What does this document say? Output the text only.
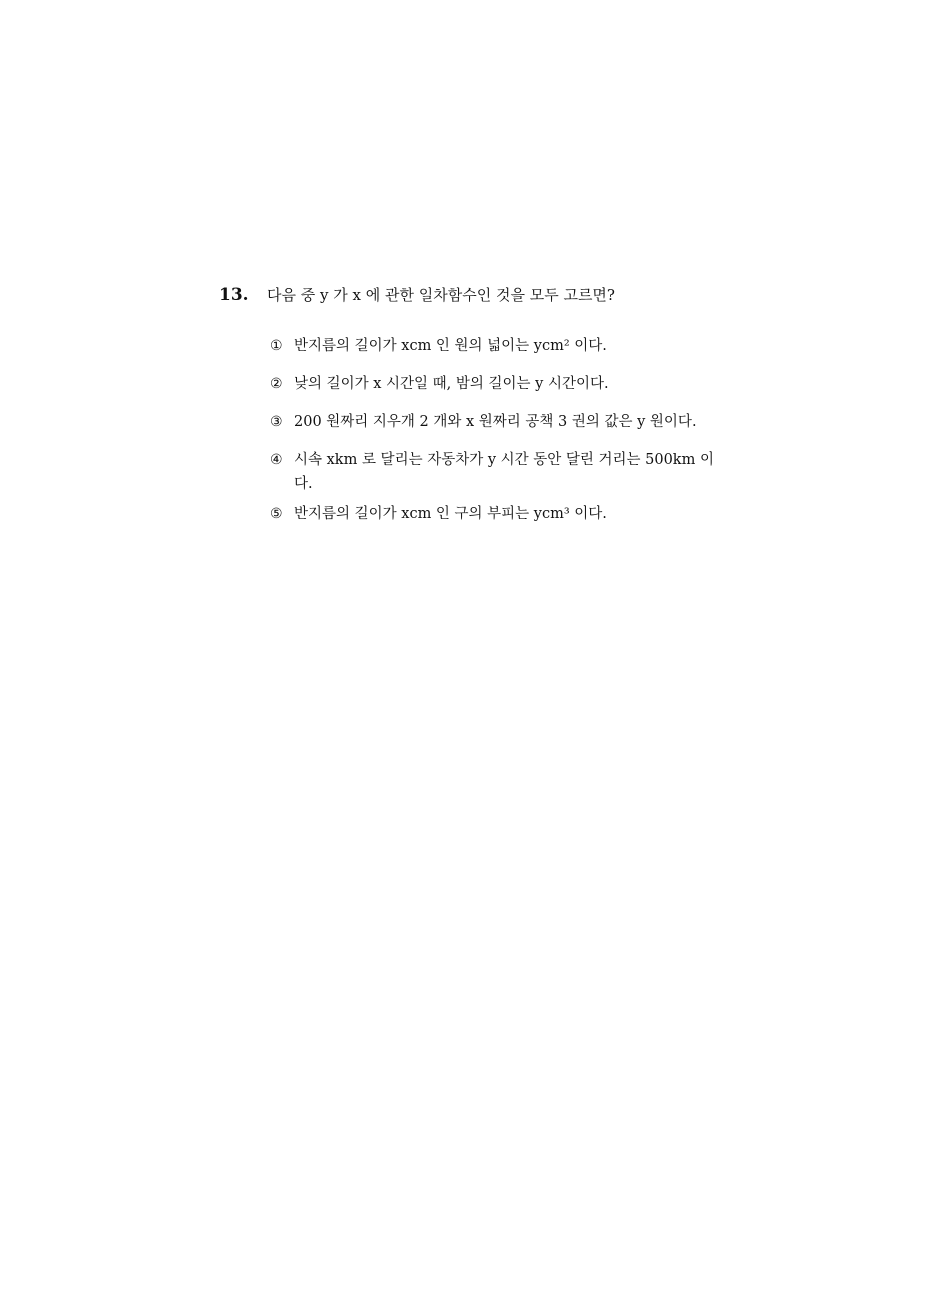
13. 다음 중 y 가 x 에 관한 일차함수인 것을 모두 고르면?
① 반지름의 길이가 xcm 인 원의 넓이는 ycm² 이다.
② 낮의 길이가 x 시간일 때, 밤의 길이는 y 시간이다.
③ 200 원짜리 지우개 2 개와 x 원짜리 공책 3 권의 값은 y 원이다.
④ 시속 xkm 로 달리는 자동차가 y 시간 동안 달린 거리는 500km 이다.
⑤ 반지름의 길이가 xcm 인 구의 부피는 ycm³ 이다.
